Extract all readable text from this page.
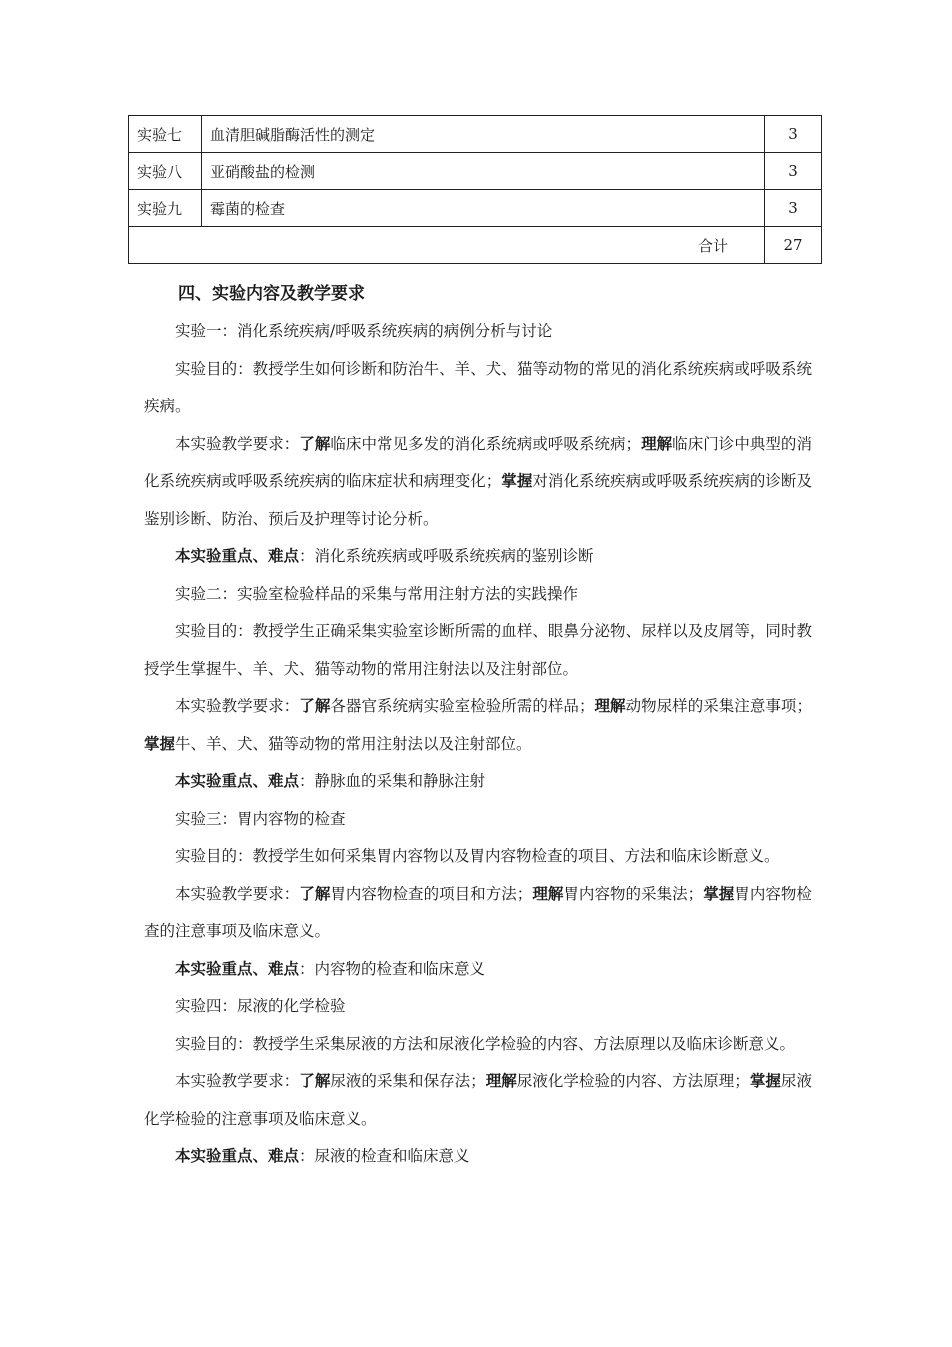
实验七	血清胆碱脂酶活性的测定	3
实验八	亚硝酸盐的检测	3
实验九	霉菌的检查	3
合计		27
四、实验内容及教学要求

实验一：消化系统疾病/呼吸系统疾病的病例分析与讨论

实验目的：教授学生如何诊断和防治牛、羊、犬、猫等动物的常见的消化系统疾病或呼吸系统疾病。

本实验教学要求：了解临床中常见多发的消化系统病或呼吸系统病；理解临床门诊中典型的消化系统疾病或呼吸系统疾病的临床症状和病理变化；掌握对消化系统疾病或呼吸系统疾病的诊断及鉴别诊断、防治、预后及护理等讨论分析。

本实验重点、难点：消化系统疾病或呼吸系统疾病的鉴别诊断

实验二：实验室检验样品的采集与常用注射方法的实践操作

实验目的：教授学生正确采集实验室诊断所需的血样、眼鼻分泌物、尿样以及皮屑等，同时教授学生掌握牛、羊、犬、猫等动物的常用注射法以及注射部位。

本实验教学要求：了解各器官系统病实验室检验所需的样品；理解动物尿样的采集注意事项；掌握牛、羊、犬、猫等动物的常用注射法以及注射部位。

本实验重点、难点：静脉血的采集和静脉注射

实验三：胃内容物的检查

实验目的：教授学生如何采集胃内容物以及胃内容物检查的项目、方法和临床诊断意义。

本实验教学要求：了解胃内容物检查的项目和方法；理解胃内容物的采集法；掌握胃内容物检查的注意事项及临床意义。

本实验重点、难点：内容物的检查和临床意义

实验四：尿液的化学检验

实验目的：教授学生采集尿液的方法和尿液化学检验的内容、方法原理以及临床诊断意义。

本实验教学要求：了解尿液的采集和保存法；理解尿液化学检验的内容、方法原理；掌握尿液化学检验的注意事项及临床意义。

本实验重点、难点：尿液的检查和临床意义
